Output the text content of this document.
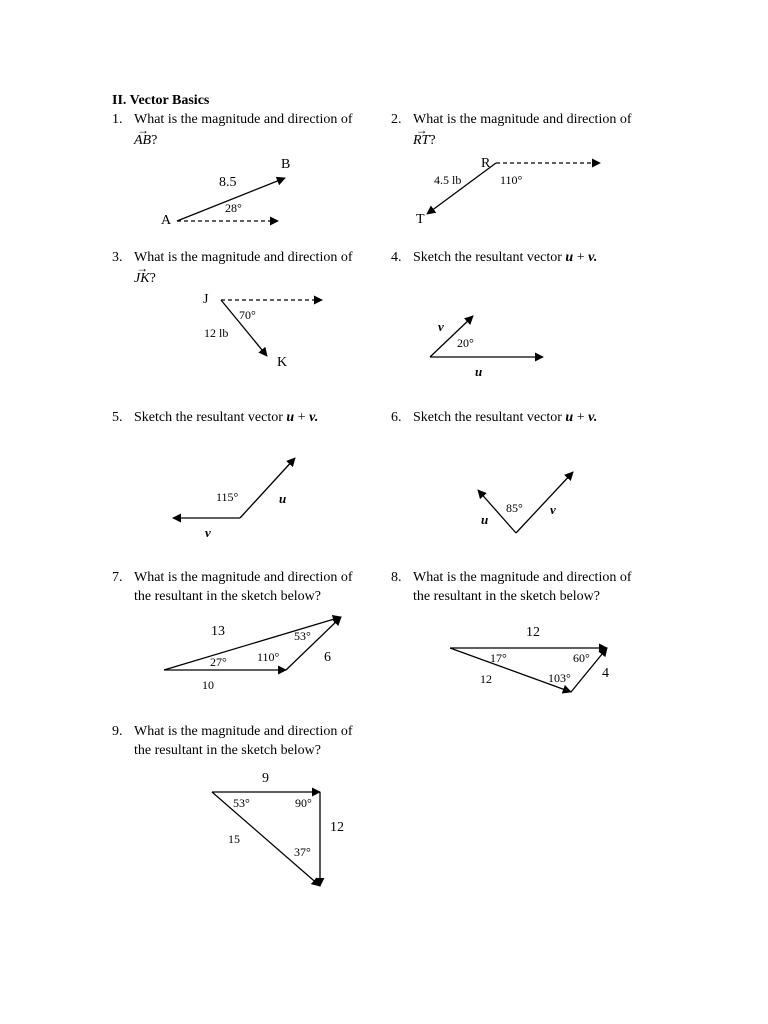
II. Vector Basics
1. What is the magnitude and direction of
→ AB?
2. What is the magnitude and direction of
→ RT?
3. What is the magnitude and direction of
→ JK?
4. Sketch the resultant vector u + v.
5. Sketch the resultant vector u + v.	6. Sketch the resultant vector u + v.
7. What is the magnitude and direction of
the resultant in the sketch below?
8. What is the magnitude and direction of
the resultant in the sketch below?
9. What is the magnitude and direction of
the resultant in the sketch below?
A
B
8.5
28°
R
T
4.5 lb	110°
J
K
12 lb
70°
u
v
20°
u
v
115°
u
v
85°
13
10
6
27°
53°
110°
12
12	4
17°	60°
103°
9
12
15
53°	90°
37°
